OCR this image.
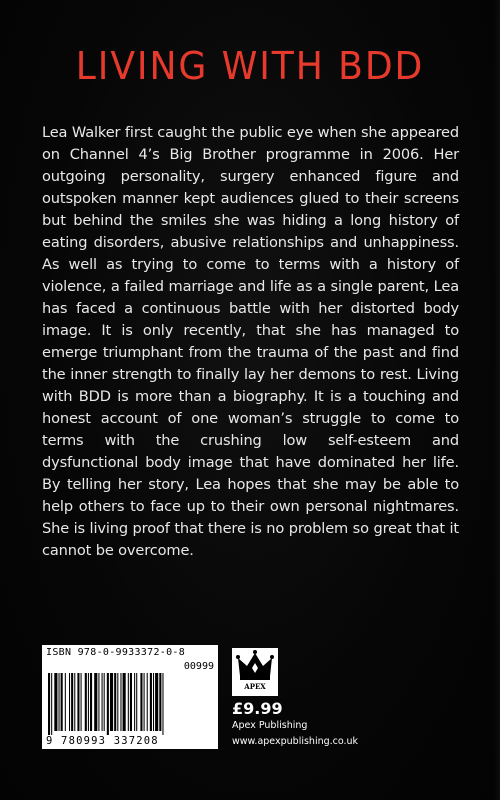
LIVING WITH BDD
Lea Walker first caught the public eye when she appeared on Channel 4’s Big Brother programme in 2006. Her outgoing personality, surgery enhanced figure and outspoken manner kept audiences glued to their screens but behind the smiles she was hiding a long history of eating disorders, abusive relationships and unhappiness. As well as trying to come to terms with a history of violence, a failed marriage and life as a single parent, Lea has faced a continuous battle with her distorted body image. It is only recently, that she has managed to emerge triumphant from the trauma of the past and find the inner strength to finally lay her demons to rest. Living with BDD is more than a biography. It is a touching and honest account of one woman’s struggle to come to terms with the crushing low self-esteem and dysfunctional body image that have dominated her life. By telling her story, Lea hopes that she may be able to help others to face up to their own personal nightmares. She is living proof that there is no problem so great that it cannot be overcome.
ISBN 978-0-9933372-0-8
00999
9 780993 337208
APEX
£9.99
Apex Publishing
www.apexpublishing.co.uk
